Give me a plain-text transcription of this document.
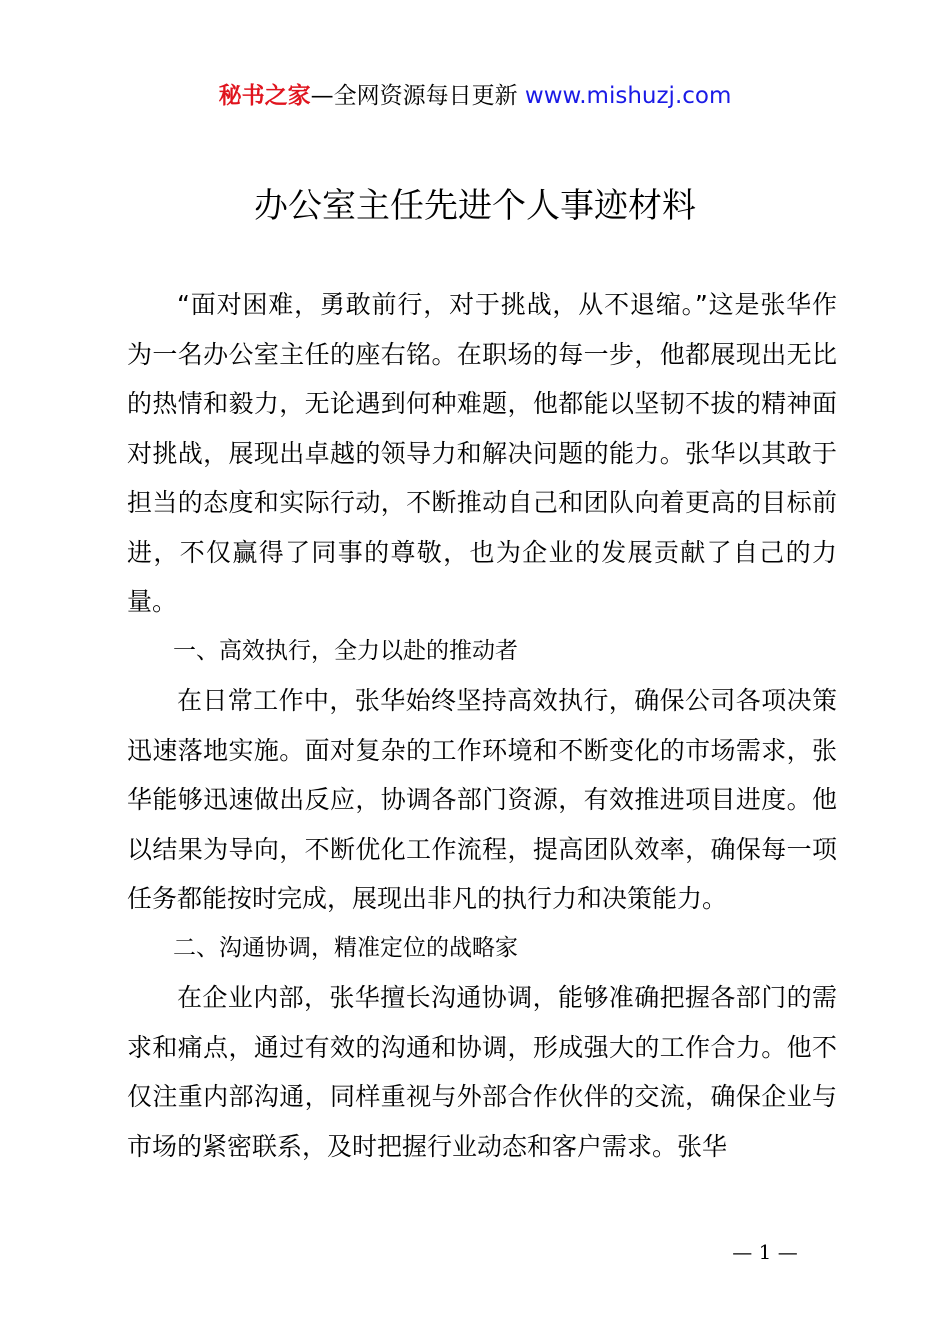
秘书之家—全网资源每日更新 www.mishuzj.com
办公室主任先进个人事迹材料

“面对困难，勇敢前行，对于挑战，从不退缩。”这是张华作为一名办公室主任的座右铭。在职场的每一步，他都展现出无比的热情和毅力，无论遇到何种难题，他都能以坚韧不拔的精神面对挑战，展现出卓越的领导力和解决问题的能力。张华以其敢于担当的态度和实际行动，不断推动自己和团队向着更高的目标前进，不仅赢得了同事的尊敬，也为企业的发展贡献了自己的力量。

一、高效执行，全力以赴的推动者

在日常工作中，张华始终坚持高效执行，确保公司各项决策迅速落地实施。面对复杂的工作环境和不断变化的市场需求，张华能够迅速做出反应，协调各部门资源，有效推进项目进度。他以结果为导向，不断优化工作流程，提高团队效率，确保每一项任务都能按时完成，展现出非凡的执行力和决策能力。

二、沟通协调，精准定位的战略家

在企业内部，张华擅长沟通协调，能够准确把握各部门的需求和痛点，通过有效的沟通和协调，形成强大的工作合力。他不仅注重内部沟通，同样重视与外部合作伙伴的交流，确保企业与市场的紧密联系，及时把握行业动态和客户需求。张华

— 1 —
